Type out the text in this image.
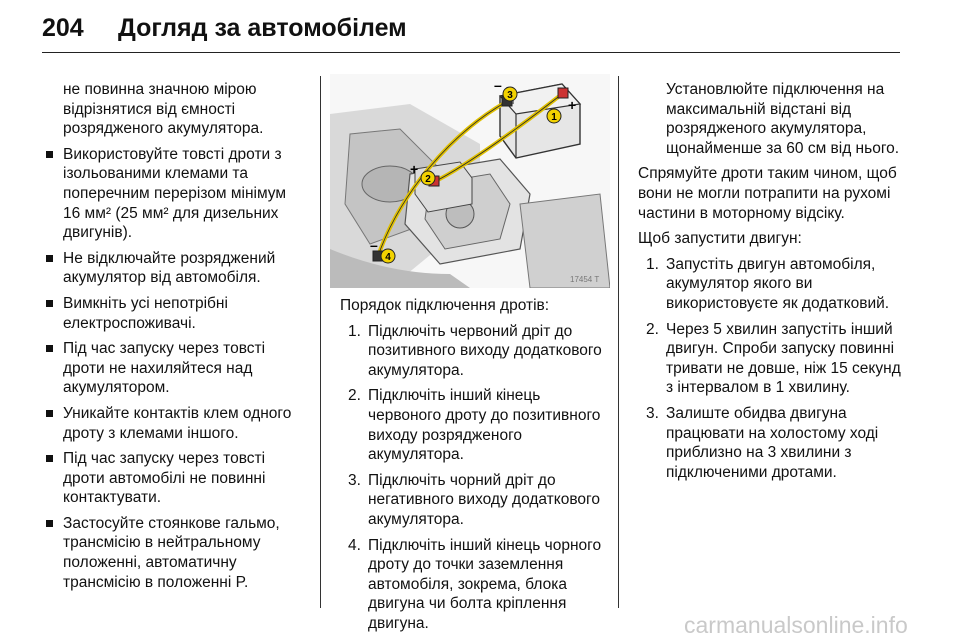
204 Догляд за автомобілем

не повинна значною мірою відрізнятися від ємності розрядженого акумулятора.

Використовуйте товсті дроти з ізольованими клемами та поперечним перерізом мінімум 16 мм² (25 мм² для дизельних двигунів).
Не відключайте розряджений акумулятор від автомобіля.
Вимкніть усі непотрібні електроспоживачі.
Під час запуску через товсті дроти не нахиляйтеся над акумулятором.
Уникайте контактів клем одного дроту з клемами іншого.
Під час запуску через товсті дроти автомобілі не повинні контактувати.
Застосуйте стоянкове гальмо, трансмісію в нейтральному положенні, автоматичну трансмісію в положенні P.
1
2
3
4
+
+
–
–
17454 T

Порядок підключення дротів:

1. Підключіть червоний дріт до позитивного виходу додаткового акумулятора.
2. Підключіть інший кінець червоного дроту до позитивного виходу розрядженого акумулятора.
3. Підключіть чорний дріт до негативного виходу додаткового акумулятора.
4. Підключіть інший кінець чорного дроту до точки заземлення автомобіля, зокрема, блока двигуна чи болта кріплення двигуна.

Установлюйте підключення на максимальній відстані від розрядженого акумулятора, щонайменше за 60 см від нього.

Спрямуйте дроти таким чином, щоб вони не могли потрапити на рухомі частини в моторному відсіку.

Щоб запустити двигун:

1. Запустіть двигун автомобіля, акумулятор якого ви використовуєте як додатковий.
2. Через 5 хвилин запустіть інший двигун. Спроби запуску повинні тривати не довше, ніж 15 секунд з інтервалом в 1 хвилину.
3. Залиште обидва двигуна працювати на холостому ході приблизно на 3 хвилини з підключеними дротами.
carmanualsonline.info
